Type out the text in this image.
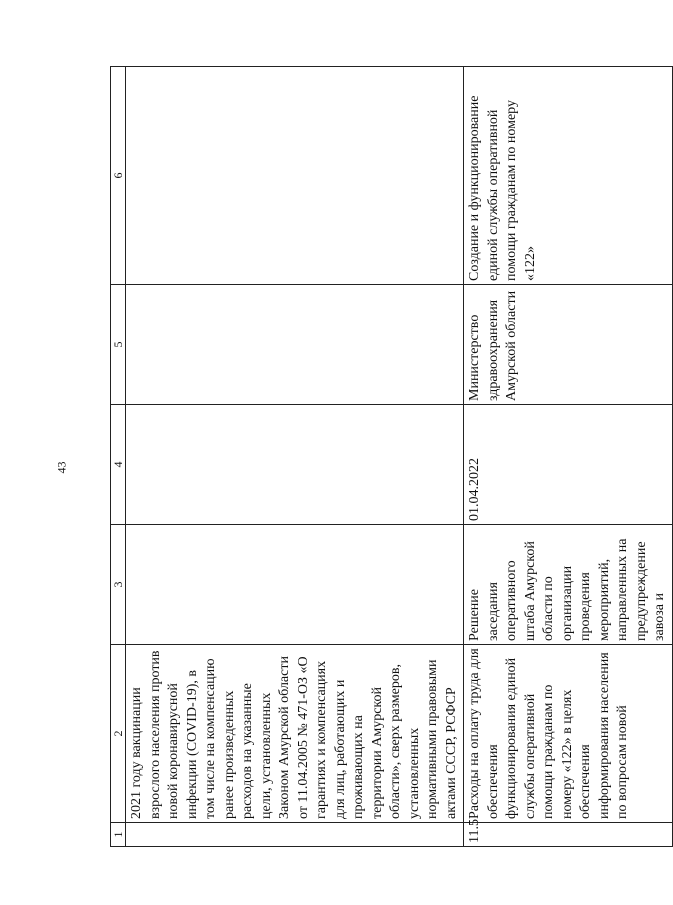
43
1	2	3	4	5	6

	2021 году вакцинации взрослого населения против новой коронавирусной инфекции (COVID-19), в том числе на компенсацию ранее произведенных расходов на указанные цели, установленных Законом Амурской области от 11.04.2005 № 471-ОЗ «О гарантиях и компенсациях для лиц, работающих и проживающих на территории Амурской области», сверх размеров, установленных нормативными правовыми актами СССР, РСФСР				

11.5	Расходы на оплату труда для обеспечения функционирования единой службы оперативной помощи гражданам по номеру «122» в целях обеспечения информирования населения по вопросам новой	Решение заседания оперативного штаба Амурской области по организации проведения мероприятий, направленных на предупреждение завоза и	01.04.2022	Министерство здравоохранения Амурской области	Создание и функционирование единой службы оперативной помощи гражданам по номеру «122»
